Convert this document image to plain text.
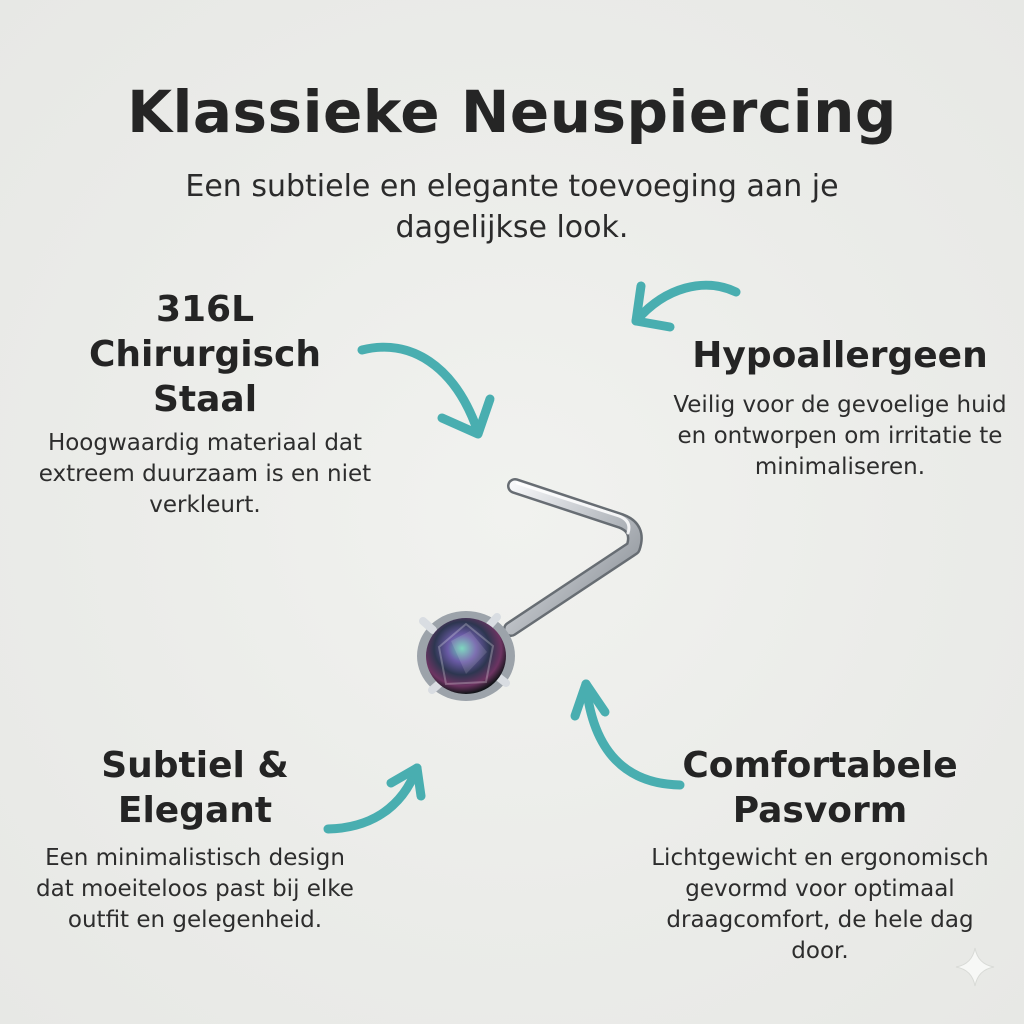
Klassieke Neuspiercing

Een subtiele en elegante toevoeging aan je dagelijkse look.

316L
Chirurgisch
Staal

Hoogwaardig materiaal dat extreem duurzaam is en niet verkleurt.

Hypoallergeen

Veilig voor de gevoelige huid en ontworpen om irritatie te minimaliseren.

Subtiel &
Elegant

Een minimalistisch design dat moeiteloos past bij elke outfit en gelegenheid.

Comfortabele
Pasvorm

Lichtgewicht en ergonomisch gevormd voor optimaal draagcomfort, de hele dag door.
